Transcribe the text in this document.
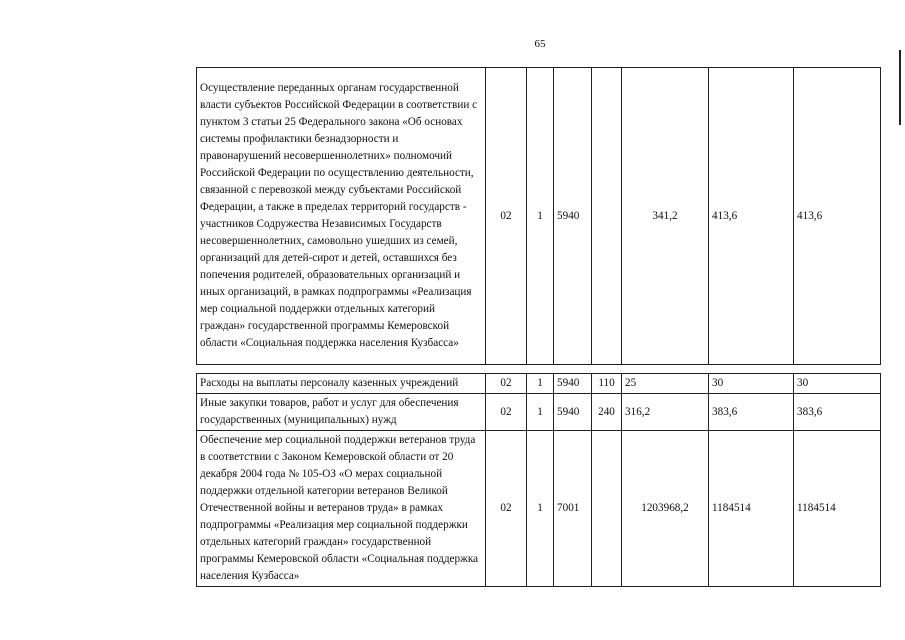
65
Осуществление переданных органам государственной власти субъектов Российской Федерации в соответствии с пунктом 3 статьи 25 Федерального закона «Об основах системы профилактики безнадзорности и правонарушений несовершеннолетних» полномочий Российской Федерации по осуществлению деятельности, связанной с перевозкой между субъектами Российской Федерации, а также в пределах территорий государств - участников Содружества Независимых Государств несовершеннолетних, самовольно ушедших из семей, организаций для детей-сирот и детей, оставшихся без попечения родителей, образовательных организаций и иных организаций, в рамках подпрограммы «Реализация мер социальной поддержки отдельных категорий граждан» государственной программы Кемеровской области «Социальная поддержка населения Кузбасса»	02	1	5940		341,2	413,6	413,6

Расходы на выплаты персоналу казенных учреждений	02	1	5940	110	25	30	30
Иные закупки товаров, работ и услуг для обеспечения государственных (муниципальных) нужд	02	1	5940	240	316,2	383,6	383,6
Обеспечение мер социальной поддержки ветеранов труда в соответствии с Законом Кемеровской области от 20 декабря 2004 года № 105-ОЗ «О мерах социальной поддержки отдельной категории ветеранов Великой Отечественной войны и ветеранов труда» в рамках подпрограммы «Реализация мер социальной поддержки отдельных категорий граждан» государственной программы Кемеровской области «Социальная поддержка населения Кузбасса»	02	1	7001		1203968,2	1184514	1184514
